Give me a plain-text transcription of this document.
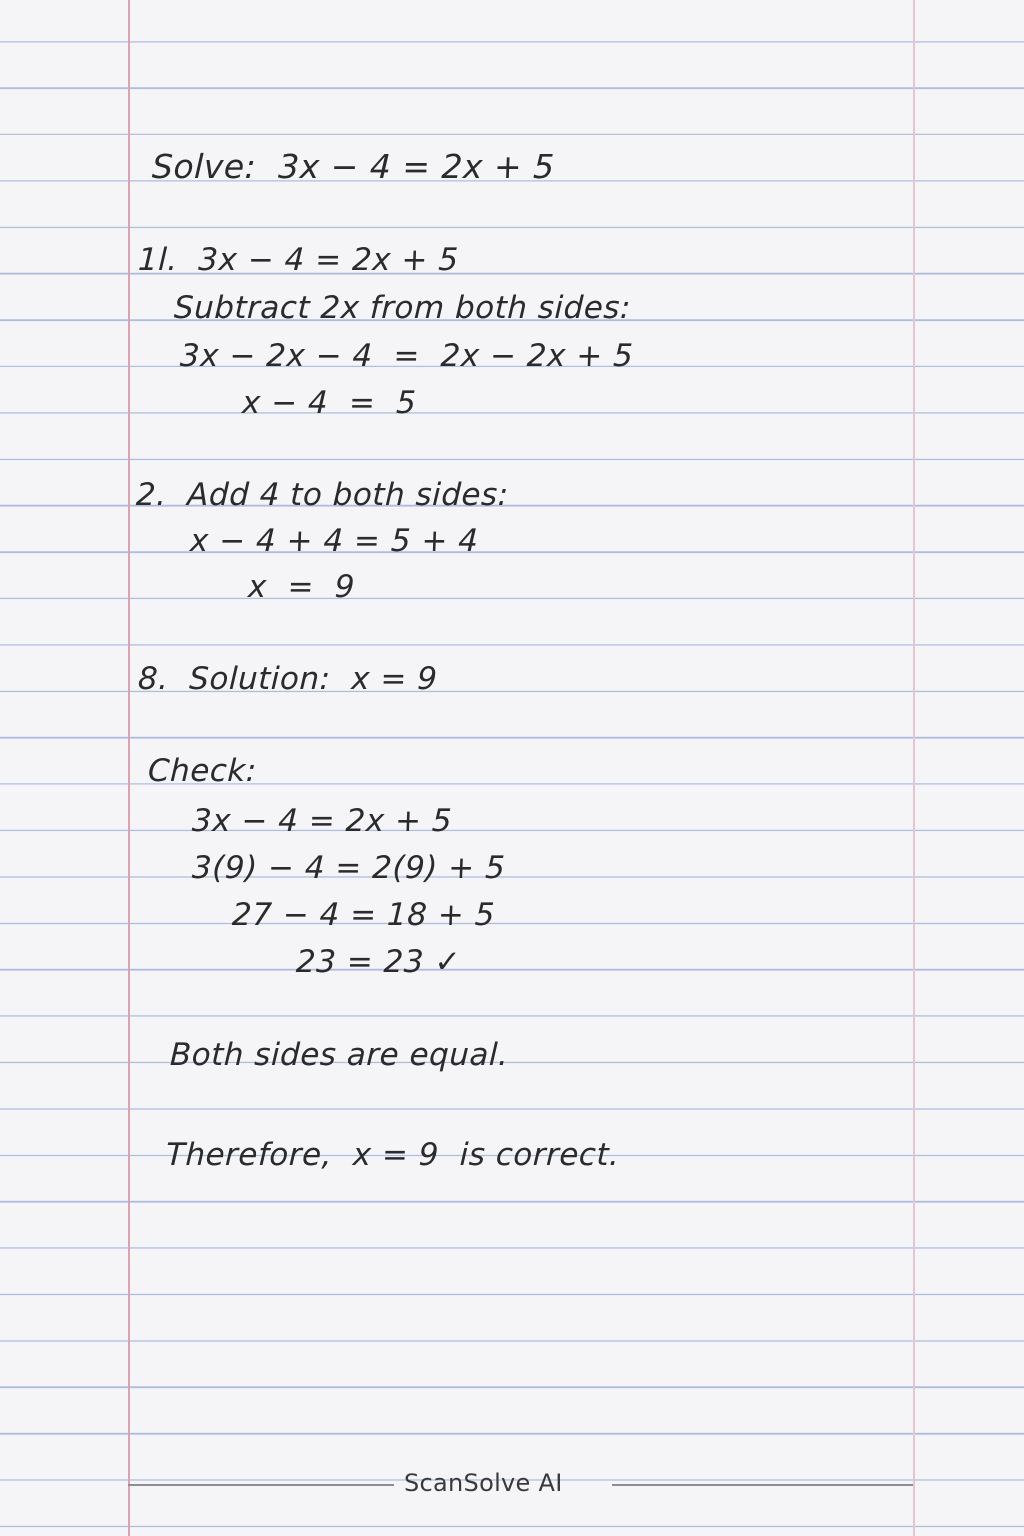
Solve:  3x − 4 = 2x + 5
1l.  3x − 4 = 2x + 5
Subtract 2x from both sides:
3x − 2x − 4  =  2x − 2x + 5
x − 4  =  5
2.  Add 4 to both sides:
x − 4 + 4 = 5 + 4
x  =  9
8.  Solution:  x = 9
Check:
3x − 4 = 2x + 5
3(9) − 4 = 2(9) + 5
27 − 4 = 18 + 5
23 = 23 ✓
Both sides are equal.
Therefore,  x = 9  is correct.
ScanSolve AI
